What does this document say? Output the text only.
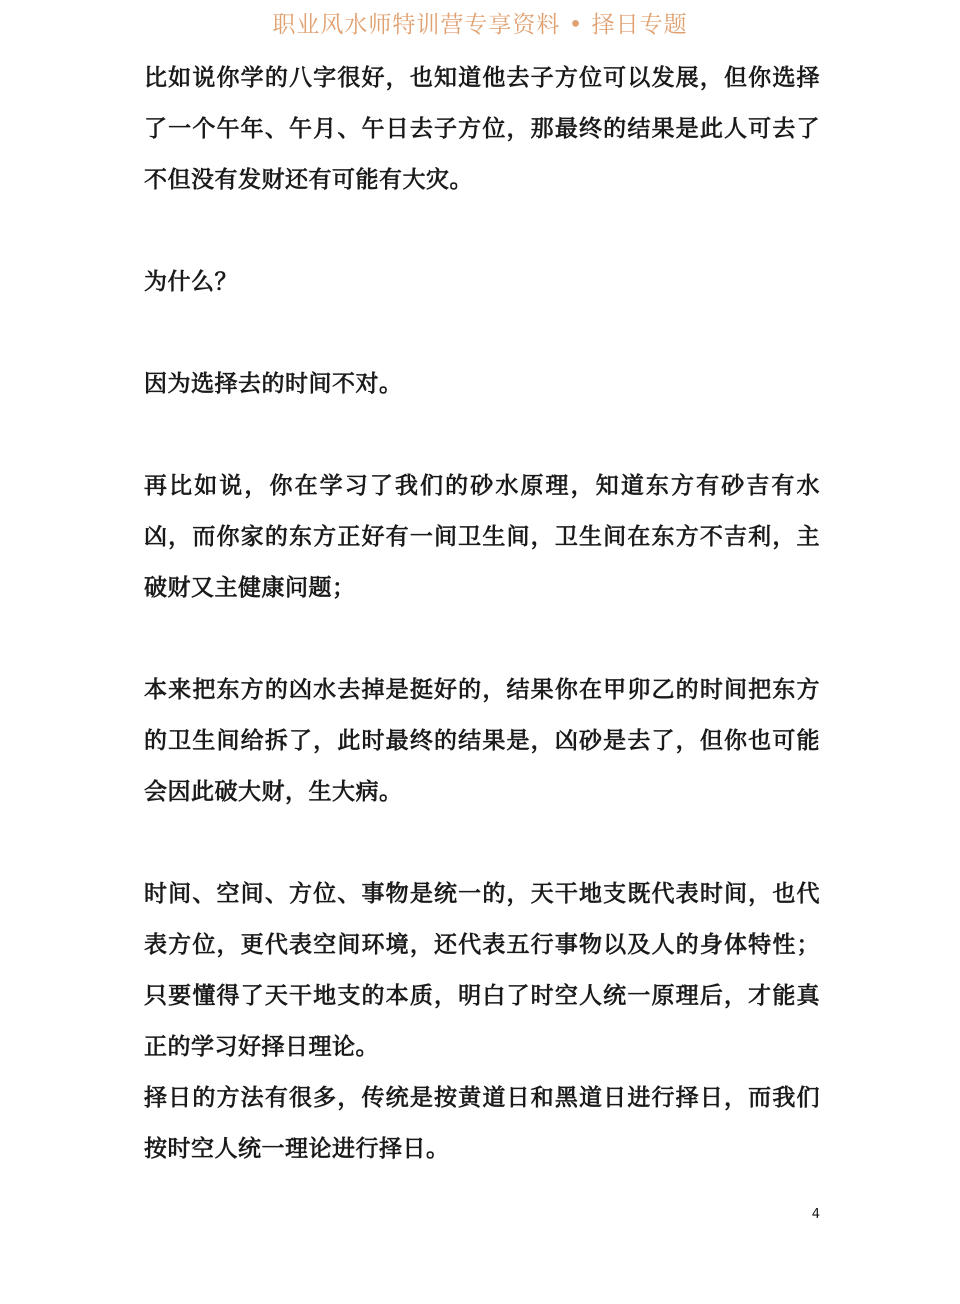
职业风水师特训营专享资料 • 择日专题

比如说你学的八字很好，也知道他去子方位可以发展，但你选择了一个午年、午月、午日去子方位，那最终的结果是此人可去了不但没有发财还有可能有大灾。

为什么？

因为选择去的时间不对。

再比如说，你在学习了我们的砂水原理，知道东方有砂吉有水凶，而你家的东方正好有一间卫生间，卫生间在东方不吉利，主破财又主健康问题；

本来把东方的凶水去掉是挺好的，结果你在甲卯乙的时间把东方的卫生间给拆了，此时最终的结果是，凶砂是去了，但你也可能会因此破大财，生大病。

时间、空间、方位、事物是统一的，天干地支既代表时间，也代表方位，更代表空间环境，还代表五行事物以及人的身体特性；只要懂得了天干地支的本质，明白了时空人统一原理后，才能真正的学习好择日理论。

择日的方法有很多，传统是按黄道日和黑道日进行择日，而我们按时空人统一理论进行择日。

4
